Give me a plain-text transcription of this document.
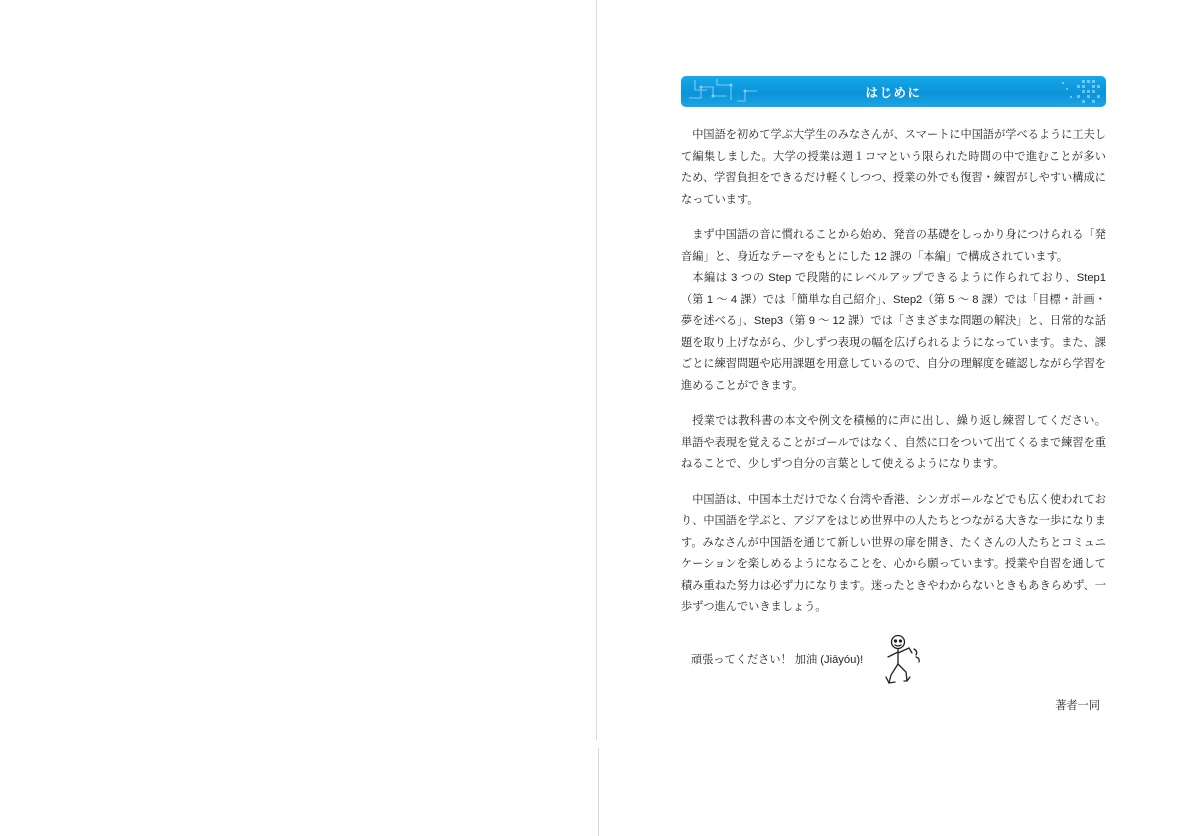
はじめに

中国語を初めて学ぶ大学生のみなさんが、スマートに中国語が学べるように工夫して編集しました。大学の授業は週１コマという限られた時間の中で進むことが多いため、学習負担をできるだけ軽くしつつ、授業の外でも復習・練習がしやすい構成になっています。

まず中国語の音に慣れることから始め、発音の基礎をしっかり身につけられる「発音編」と、身近なテーマをもとにした 12 課の「本編」で構成されています。

本編は 3 つの Step で段階的にレベルアップできるように作られており、Step1（第 1 〜 4 課）では「簡単な自己紹介」、Step2（第 5 〜 8 課）では「目標・計画・夢を述べる」、Step3（第 9 〜 12 課）では「さまざまな問題の解決」と、日常的な話題を取り上げながら、少しずつ表現の幅を広げられるようになっています。また、課ごとに練習問題や応用課題を用意しているので、自分の理解度を確認しながら学習を進めることができます。

授業では教科書の本文や例文を積極的に声に出し、繰り返し練習してください。単語や表現を覚えることがゴールではなく、自然に口をついて出てくるまで練習を重ねることで、少しずつ自分の言葉として使えるようになります。

中国語は、中国本土だけでなく台湾や香港、シンガポールなどでも広く使われており、中国語を学ぶと、アジアをはじめ世界中の人たちとつながる大きな一歩になります。みなさんが中国語を通じて新しい世界の扉を開き、たくさんの人たちとコミュニケーションを楽しめるようになることを、心から願っています。授業や自習を通して積み重ねた努力は必ず力になります。迷ったときやわからないときもあきらめず、一歩ずつ進んでいきましょう。

頑張ってください！ 加油 (Jiāyóu)!
著者一同
